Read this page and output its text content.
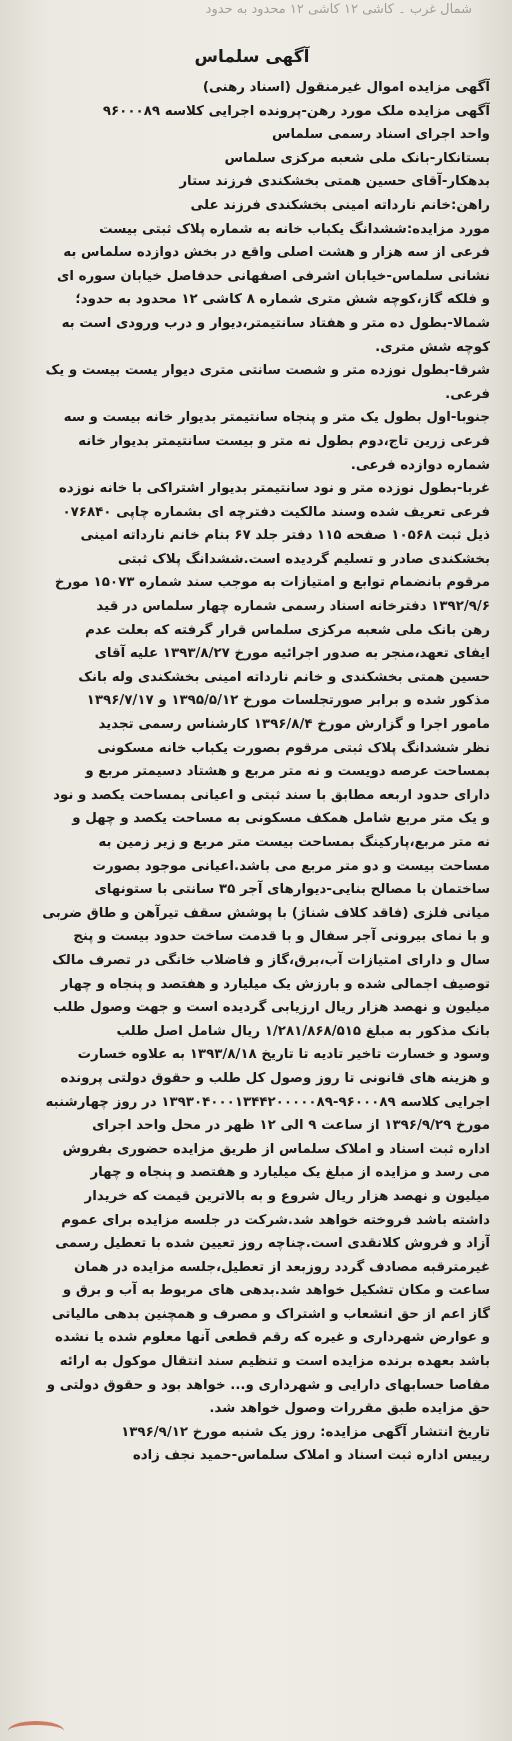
شمال غرب ۔ کاشی ۱۲ کاشی ۱۲ محدود به حدود
آگهی سلماس
آگهی مزایده اموال غیرمنقول (اسناد رهنی)
آگهی مزایده ملک مورد رهن-پرونده اجرایی کلاسه ۹۶۰۰۰۸۹
واحد اجرای اسناد رسمی سلماس
بستانکار-بانک ملی شعبه مرکزی سلماس
بدهکار-آقای حسین همتی بخشکندی فرزند ستار
راهن:خانم نارداته امینی بخشکندی فرزند علی
مورد مزایده:ششدانگ یکباب خانه به شماره پلاک ثبتی بیست
فرعی از سه هزار و هشت اصلی واقع در بخش دوازده سلماس به
نشانی سلماس-خیابان اشرفی اصفهانی حدفاصل خیابان سوره ای
و فلکه گاز،کوچه شش متری شماره ۸ کاشی ۱۲ محدود به حدود؛
شمالا-بطول ده متر و هفتاد سانتیمتر،دیوار و درب ورودی است به
کوچه شش متری.
شرقا-بطول نوزده متر و شصت سانتی متری دیوار یست بیست و یک
فرعی.
جنوبا-اول بطول یک متر و پنجاه سانتیمتر بدیوار خانه بیست و سه
فرعی زرین تاج،دوم بطول نه متر و بیست سانتیمتر بدیوار خانه
شماره دوازده فرعی.
غربا-بطول نوزده متر و نود سانتیمتر بدیوار اشتراکی با خانه نوزده
فرعی تعریف شده وسند مالکیت دفترچه ای بشماره چاپی ۰۷۶۸۴۰
ذیل ثبت ۱۰۵۶۸ صفحه ۱۱۵ دفتر جلد ۶۷ بنام خانم نارداته امینی
بخشکندی صادر و تسلیم گردیده است.ششدانگ پلاک ثبتی
مرقوم بانضمام توابع و امتیازات به موجب سند شماره ۱۵۰۷۳ مورخ
۱۳۹۲/۹/۶ دفترخانه اسناد رسمی شماره چهار سلماس در قید
رهن بانک ملی شعبه مرکزی سلماس قرار گرفته که بعلت عدم
ایفای تعهد،منجر به صدور اجرائیه مورخ ۱۳۹۳/۸/۲۷ علیه آقای
حسین همتی بخشکندی و خانم نارداته امینی بخشکندی وله بانک
مذکور شده و برابر صورتجلسات مورخ ۱۳۹۵/۵/۱۲ و ۱۳۹۶/۷/۱۷
مامور اجرا و گزارش مورخ ۱۳۹۶/۸/۴ کارشناس رسمی تجدید
نظر ششدانگ پلاک ثبتی مرقوم بصورت یکباب خانه مسکونی
بمساحت عرصه دویست و نه متر مربع و هشتاد دسیمتر مربع و
دارای حدود اربعه مطابق با سند ثبتی و اعیانی بمساحت یکصد و نود
و یک متر مربع شامل همکف مسکونی به مساحت یکصد و چهل و
نه متر مربع،پارکینگ بمساحت بیست متر مربع و زیر زمین به
مساحت بیست و دو متر مربع می باشد.اعیانی موجود بصورت
ساختمان با مصالح بنایی-دیوارهای آجر ۳۵ سانتی با ستونهای
میانی فلزی (فاقد کلاف شناژ) با پوشش سقف تیرآهن و طاق ضربی
و با نمای بیرونی آجر سفال و با قدمت ساخت حدود بیست و پنج
سال و دارای امتیازات آب،برق،گاز و فاضلاب خانگی در تصرف مالک
توصیف اجمالی شده و بارزش یک میلیارد و هفتصد و پنجاه و چهار
میلیون و نهصد هزار ریال ارزیابی گردیده است و جهت وصول طلب
بانک مذکور به مبلغ ۱/۲۸۱/۸۶۸/۵۱۵ ریال شامل اصل طلب
وسود و خسارت تاخیر تادیه تا تاریخ ۱۳۹۳/۸/۱۸ به علاوه خسارت
و هزینه های قانونی تا روز وصول کل طلب و حقوق دولتی پرونده
اجرایی کلاسه ۹۶۰۰۰۸۹-۱۳۹۳۰۴۰۰۰۱۳۴۴۲۰۰۰۰۰۸۹ در روز چهارشنبه
مورخ ۱۳۹۶/۹/۲۹ از ساعت ۹ الی ۱۲ ظهر در محل واحد اجرای
اداره ثبت اسناد و املاک سلماس از طریق مزایده حضوری بفروش
می رسد و مزایده از مبلغ یک میلیارد و هفتصد و پنجاه و چهار
میلیون و نهصد هزار ریال شروع و به بالاترین قیمت که خریدار
داشته باشد فروخته خواهد شد.شرکت در جلسه مزایده برای عموم
آزاد و فروش کلانقدی است.چناچه روز تعیین شده با تعطیل رسمی
غیرمترقبه مصادف گردد روزبعد از تعطیل،جلسه مزایده در همان
ساعت و مکان تشکیل خواهد شد.بدهی های مربوط به آب و برق و
گاز اعم از حق انشعاب و اشتراک و مصرف و همچنین بدهی مالیاتی
و عوارض شهرداری و غیره که رقم قطعی آنها معلوم شده یا نشده
باشد بعهده برنده مزایده است و تنظیم سند انتقال موکول به ارائه
مفاصا حسابهای دارایی و شهرداری و... خواهد بود و حقوق دولتی و
حق مزایده طبق مقررات وصول خواهد شد.
تاریخ انتشار آگهی مزایده: روز یک شنبه مورخ ۱۳۹۶/۹/۱۲
رییس اداره ثبت اسناد و املاک سلماس-حمید نجف زاده
